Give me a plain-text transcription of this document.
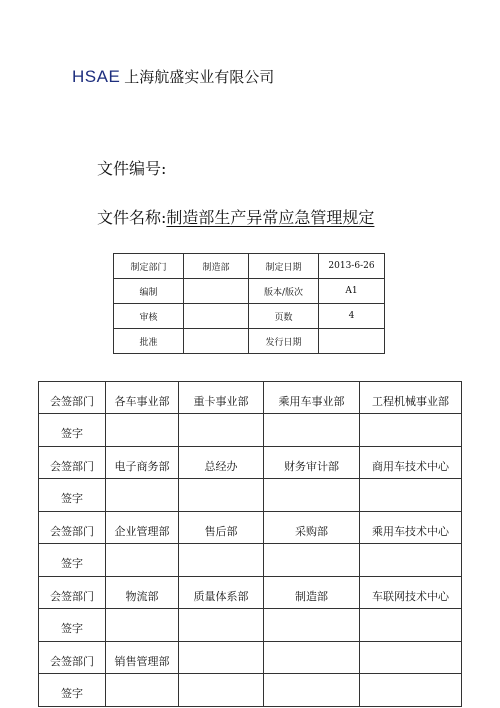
HSAE 上海航盛实业有限公司
文件编号:
文件名称:制造部生产异常应急管理规定
制定部门	制造部	制定日期	2013-6-26
编制		版本/版次	A1
审核		页数	4
批准		发行日期	
会签部门	各车事业部	重卡事业部	乘用车事业部	工程机械事业部
签字				
会签部门	电子商务部	总经办	财务审计部	商用车技术中心
签字				
会签部门	企业管理部	售后部	采购部	乘用车技术中心
签字				
会签部门	物流部	质量体系部	制造部	车联网技术中心
签字				
会签部门	销售管理部			
签字				
